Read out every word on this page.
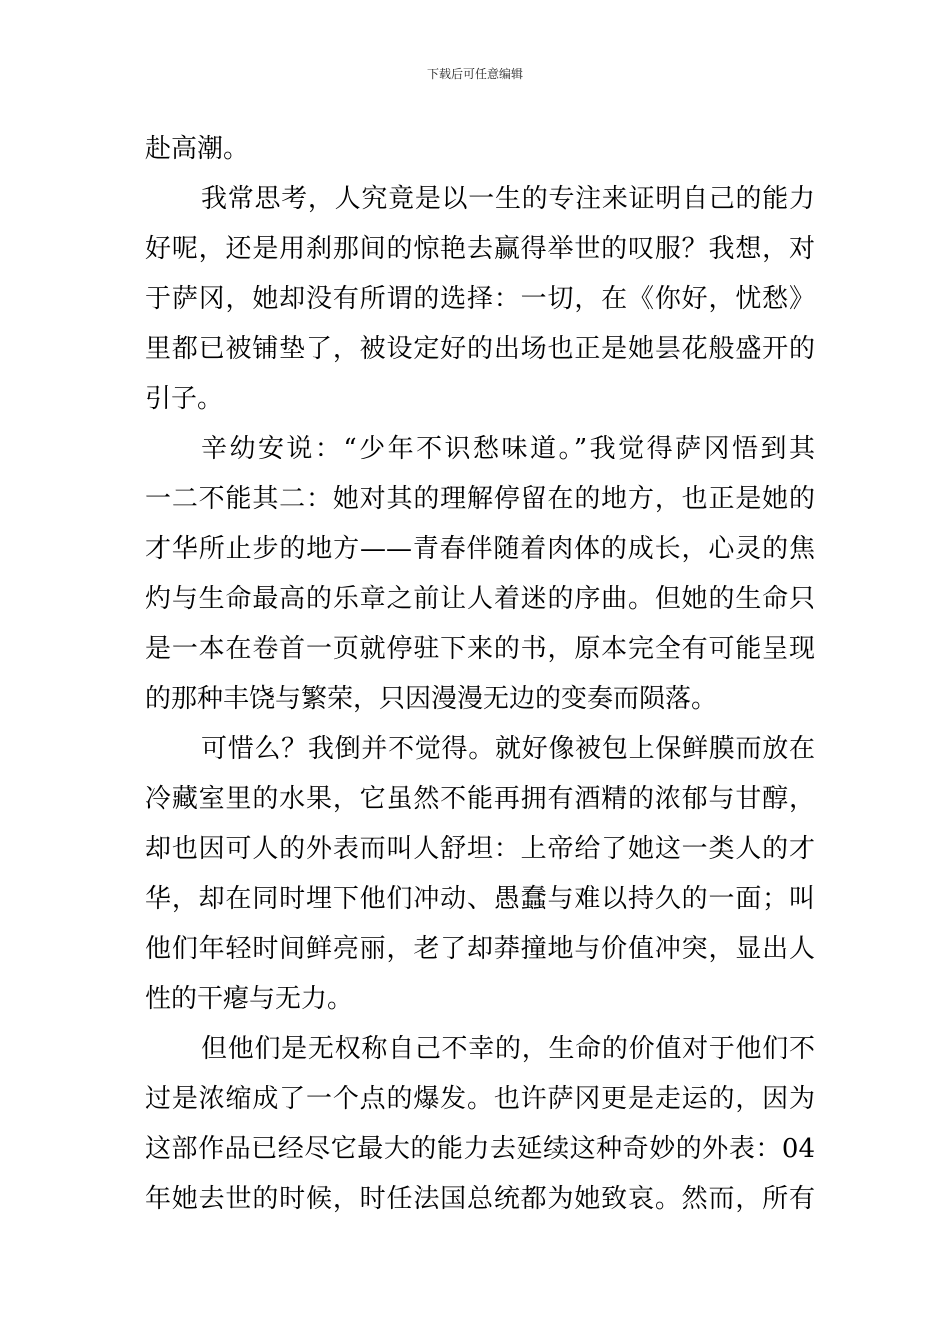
下载后可任意编辑
赴高潮。
我常思考，人究竟是以一生的专注来证明自己的能力
好呢，还是用刹那间的惊艳去赢得举世的叹服？我想，对
于萨冈，她却没有所谓的选择：一切，在《你好，忧愁》
里都已被铺垫了，被设定好的出场也正是她昙花般盛开的
引子。
辛幼安说：“少年不识愁味道。”我觉得萨冈悟到其
一二不能其二：她对其的理解停留在的地方，也正是她的
才华所止步的地方——青春伴随着肉体的成长，心灵的焦
灼与生命最高的乐章之前让人着迷的序曲。但她的生命只
是一本在卷首一页就停驻下来的书，原本完全有可能呈现
的那种丰饶与繁荣，只因漫漫无边的变奏而陨落。
可惜么？我倒并不觉得。就好像被包上保鲜膜而放在
冷藏室里的水果，它虽然不能再拥有酒精的浓郁与甘醇，
却也因可人的外表而叫人舒坦：上帝给了她这一类人的才
华，却在同时埋下他们冲动、愚蠢与难以持久的一面；叫
他们年轻时间鲜亮丽，老了却莽撞地与价值冲突，显出人
性的干瘪与无力。
但他们是无权称自己不幸的，生命的价值对于他们不
过是浓缩成了一个点的爆发。也许萨冈更是走运的，因为
这部作品已经尽它最大的能力去延续这种奇妙的外表：04
年她去世的时候，时任法国总统都为她致哀。然而，所有
